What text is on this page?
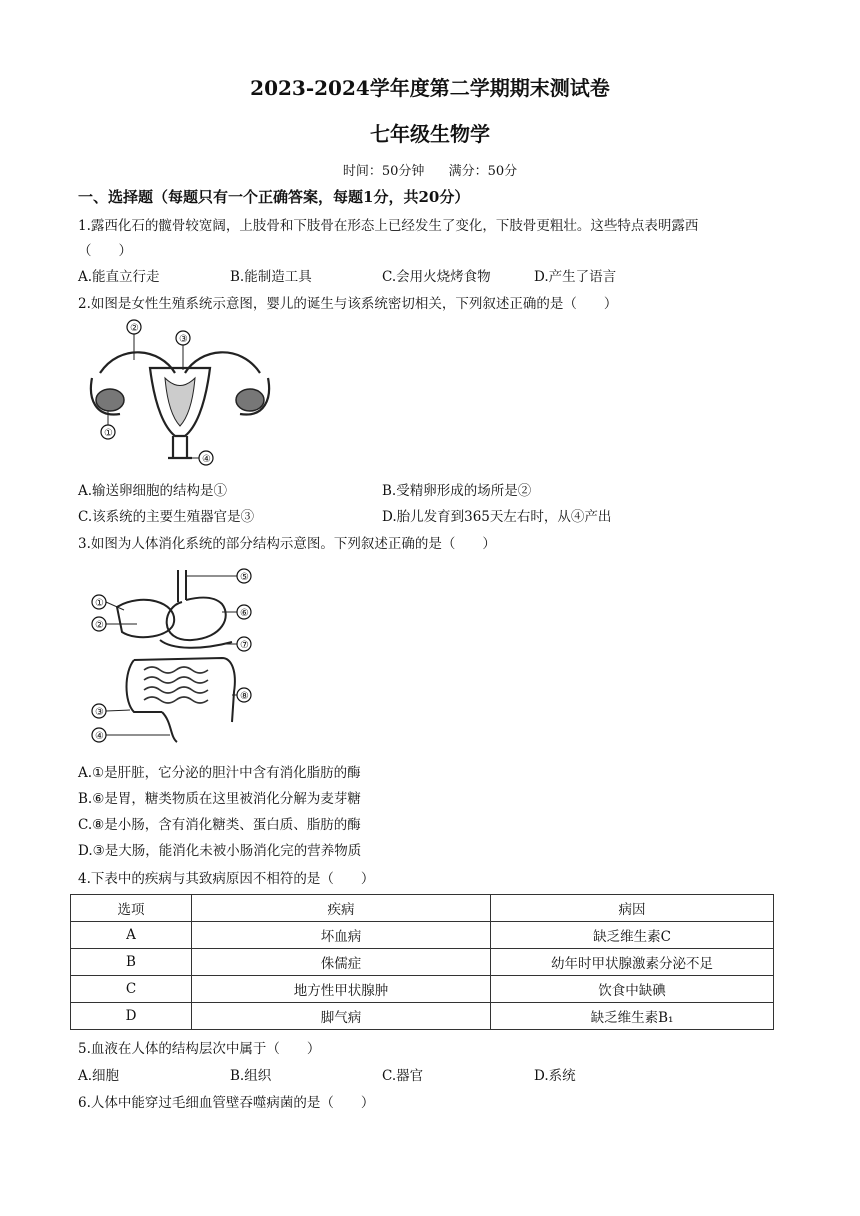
2023-2024学年度第二学期期末测试卷
七年级生物学
时间：50分钟 满分：50分
一、选择题（每题只有一个正确答案，每题1分，共20分）
1.露西化石的髋骨较宽阔，上肢骨和下肢骨在形态上已经发生了变化，下肢骨更粗壮。这些特点表明露西
（　　）
A.能直立行走	B.能制造工具	C.会用火烧烤食物	D.产生了语言
2.如图是女性生殖系统示意图，婴儿的诞生与该系统密切相关，下列叙述正确的是（　　）
②
③
①
④
A.输送卵细胞的结构是①	B.受精卵形成的场所是②
C.该系统的主要生殖器官是③	D.胎儿发育到365天左右时，从④产出
3.如图为人体消化系统的部分结构示意图。下列叙述正确的是（　　）
⑤
⑥
⑦
⑧
①
②
③
④
A.①是肝脏，它分泌的胆汁中含有消化脂肪的酶
B.⑥是胃，糖类物质在这里被消化分解为麦芽糖
C.⑧是小肠，含有消化糖类、蛋白质、脂肪的酶
D.③是大肠，能消化未被小肠消化完的营养物质
4.下表中的疾病与其致病原因不相符的是（　　）
选项	疾病	病因
A	坏血病	缺乏维生素C
B	侏儒症	幼年时甲状腺激素分泌不足
C	地方性甲状腺肿	饮食中缺碘
D	脚气病	缺乏维生素B₁
5.血液在人体的结构层次中属于（　　）
A.细胞	B.组织	C.器官	D.系统
6.人体中能穿过毛细血管壁吞噬病菌的是（　　）
